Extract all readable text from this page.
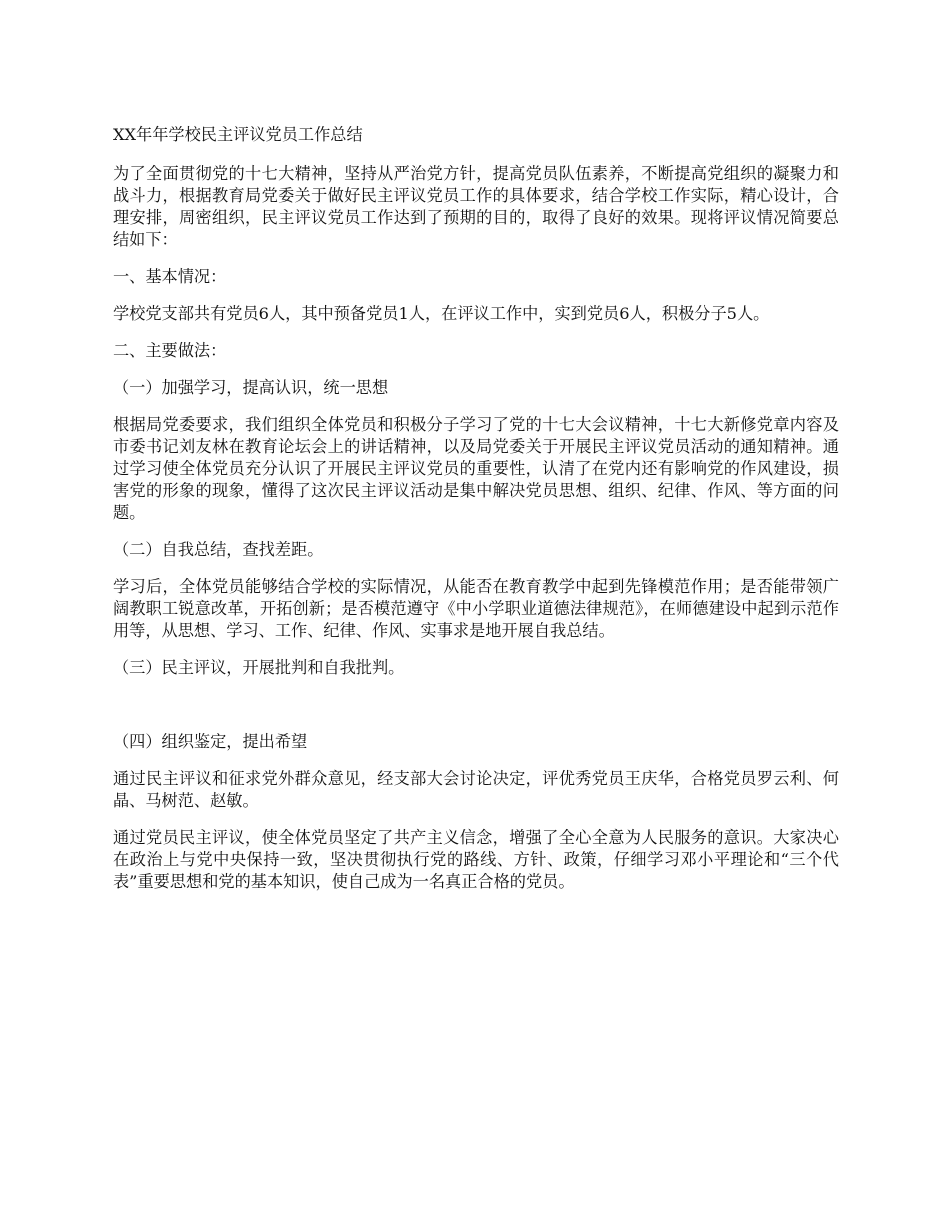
XX年年学校民主评议党员工作总结

为了全面贯彻党的十七大精神，坚持从严治党方针，提高党员队伍素养，不断提高党组织的凝聚力和战斗力，根据教育局党委关于做好民主评议党员工作的具体要求，结合学校工作实际，精心设计，合理安排，周密组织，民主评议党员工作达到了预期的目的，取得了良好的效果。现将评议情况简要总结如下：

一、基本情况：

学校党支部共有党员6人，其中预备党员1人，在评议工作中，实到党员6人，积极分子5人。

二、主要做法：

（一）加强学习，提高认识，统一思想

根据局党委要求，我们组织全体党员和积极分子学习了党的十七大会议精神，十七大新修党章内容及市委书记刘友林在教育论坛会上的讲话精神，以及局党委关于开展民主评议党员活动的通知精神。通过学习使全体党员充分认识了开展民主评议党员的重要性，认清了在党内还有影响党的作风建设，损害党的形象的现象，懂得了这次民主评议活动是集中解决党员思想、组织、纪律、作风、等方面的问题。

（二）自我总结，查找差距。

学习后，全体党员能够结合学校的实际情况，从能否在教育教学中起到先锋模范作用；是否能带领广阔教职工锐意改革，开拓创新；是否模范遵守《中小学职业道德法律规范》，在师德建设中起到示范作用等，从思想、学习、工作、纪律、作风、实事求是地开展自我总结。

（三）民主评议，开展批判和自我批判。

（四）组织鉴定，提出希望

通过民主评议和征求党外群众意见，经支部大会讨论决定，评优秀党员王庆华，合格党员罗云利、何晶、马树范、赵敏。

通过党员民主评议，使全体党员坚定了共产主义信念，增强了全心全意为人民服务的意识。大家决心在政治上与党中央保持一致，坚决贯彻执行党的路线、方针、政策，仔细学习邓小平理论和“三个代表”重要思想和党的基本知识，使自己成为一名真正合格的党员。
